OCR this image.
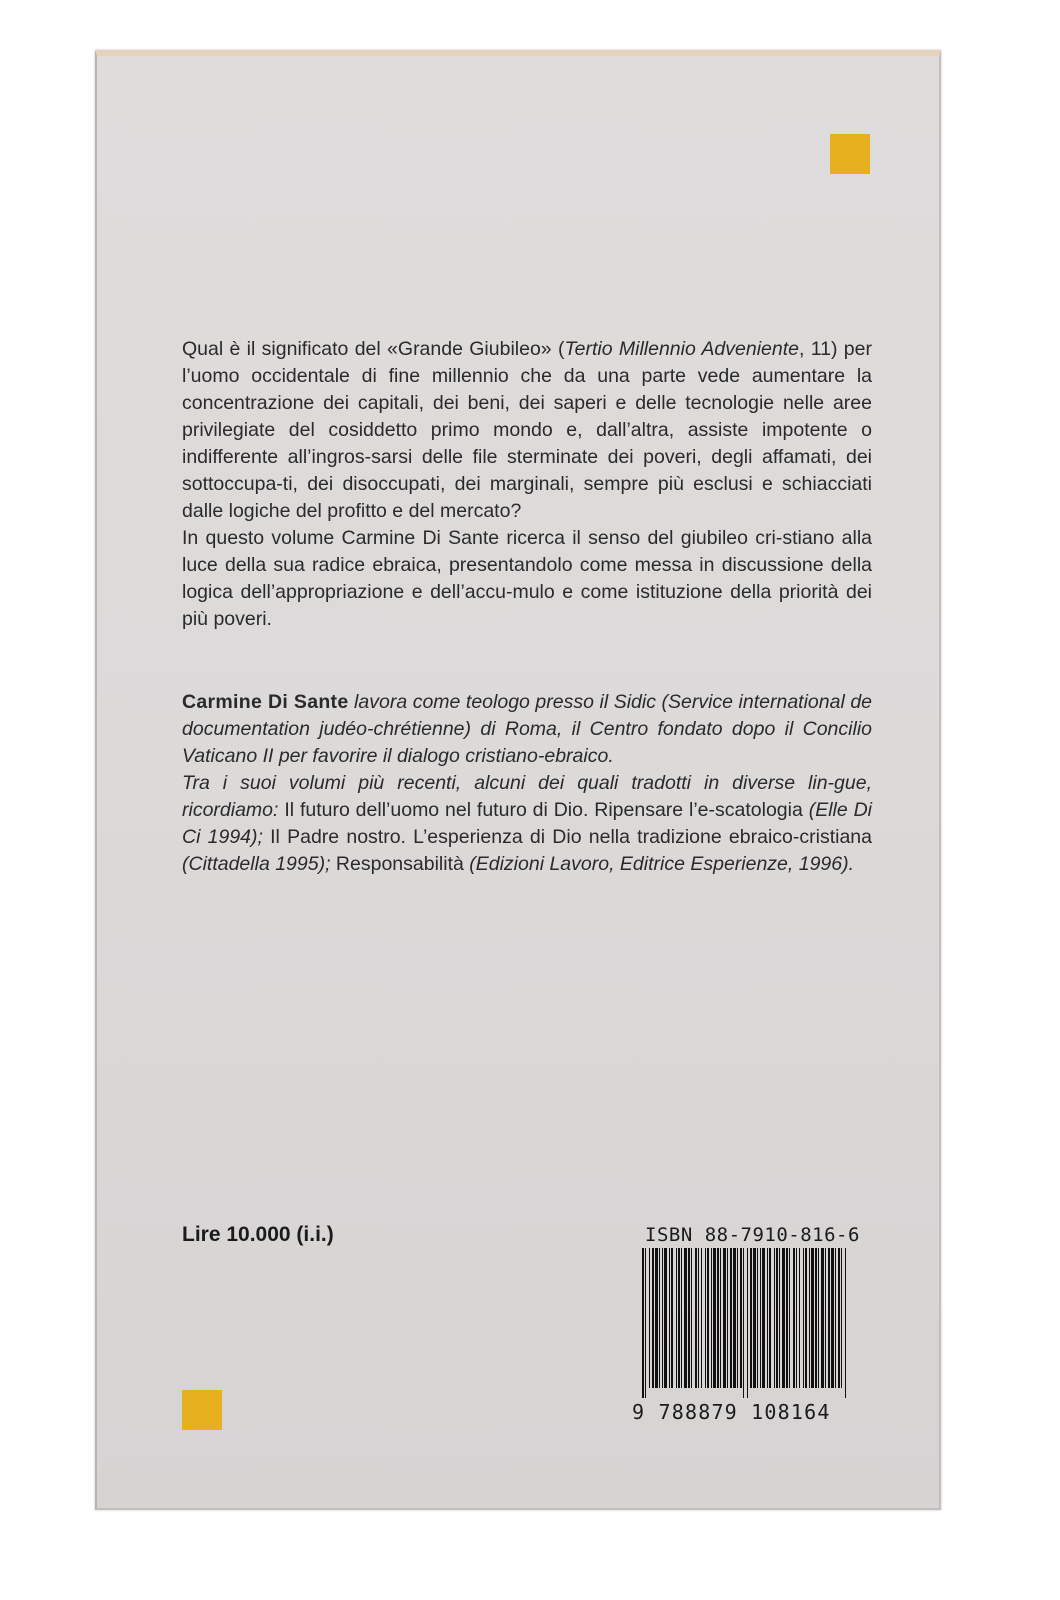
Qual è il significato del «Grande Giubileo» (Tertio Millennio Adveniente, 11) per l’uomo occidentale di fine millennio che da una parte vede aumentare la concentrazione dei capitali, dei beni, dei saperi e delle tecnologie nelle aree privilegiate del cosiddetto primo mondo e, dall’altra, assiste impotente o indifferente all’ingros-sarsi delle file sterminate dei poveri, degli affamati, dei sottoccupa-ti, dei disoccupati, dei marginali, sempre più esclusi e schiacciati dalle logiche del profitto e del mercato?

In questo volume Carmine Di Sante ricerca il senso del giubileo cri-stiano alla luce della sua radice ebraica, presentandolo come messa in discussione della logica dell’appropriazione e dell’accu-mulo e come istituzione della priorità dei più poveri.

Carmine Di Sante lavora come teologo presso il Sidic (Service international de documentation judéo-chrétienne) di Roma, il Centro fondato dopo il Concilio Vaticano II per favorire il dialogo cristiano-ebraico.

Tra i suoi volumi più recenti, alcuni dei quali tradotti in diverse lin-gue, ricordiamo: Il futuro dell’uomo nel futuro di Dio. Ripensare l’e-scatologia (Elle Di Ci 1994); Il Padre nostro. L’esperienza di Dio nella tradizione ebraico-cristiana (Cittadella 1995); Responsabilità (Edizioni Lavoro, Editrice Esperienze, 1996).

Lire 10.000 (i.i.)	ISBN 88-7910-816-6
9 788879 108164
